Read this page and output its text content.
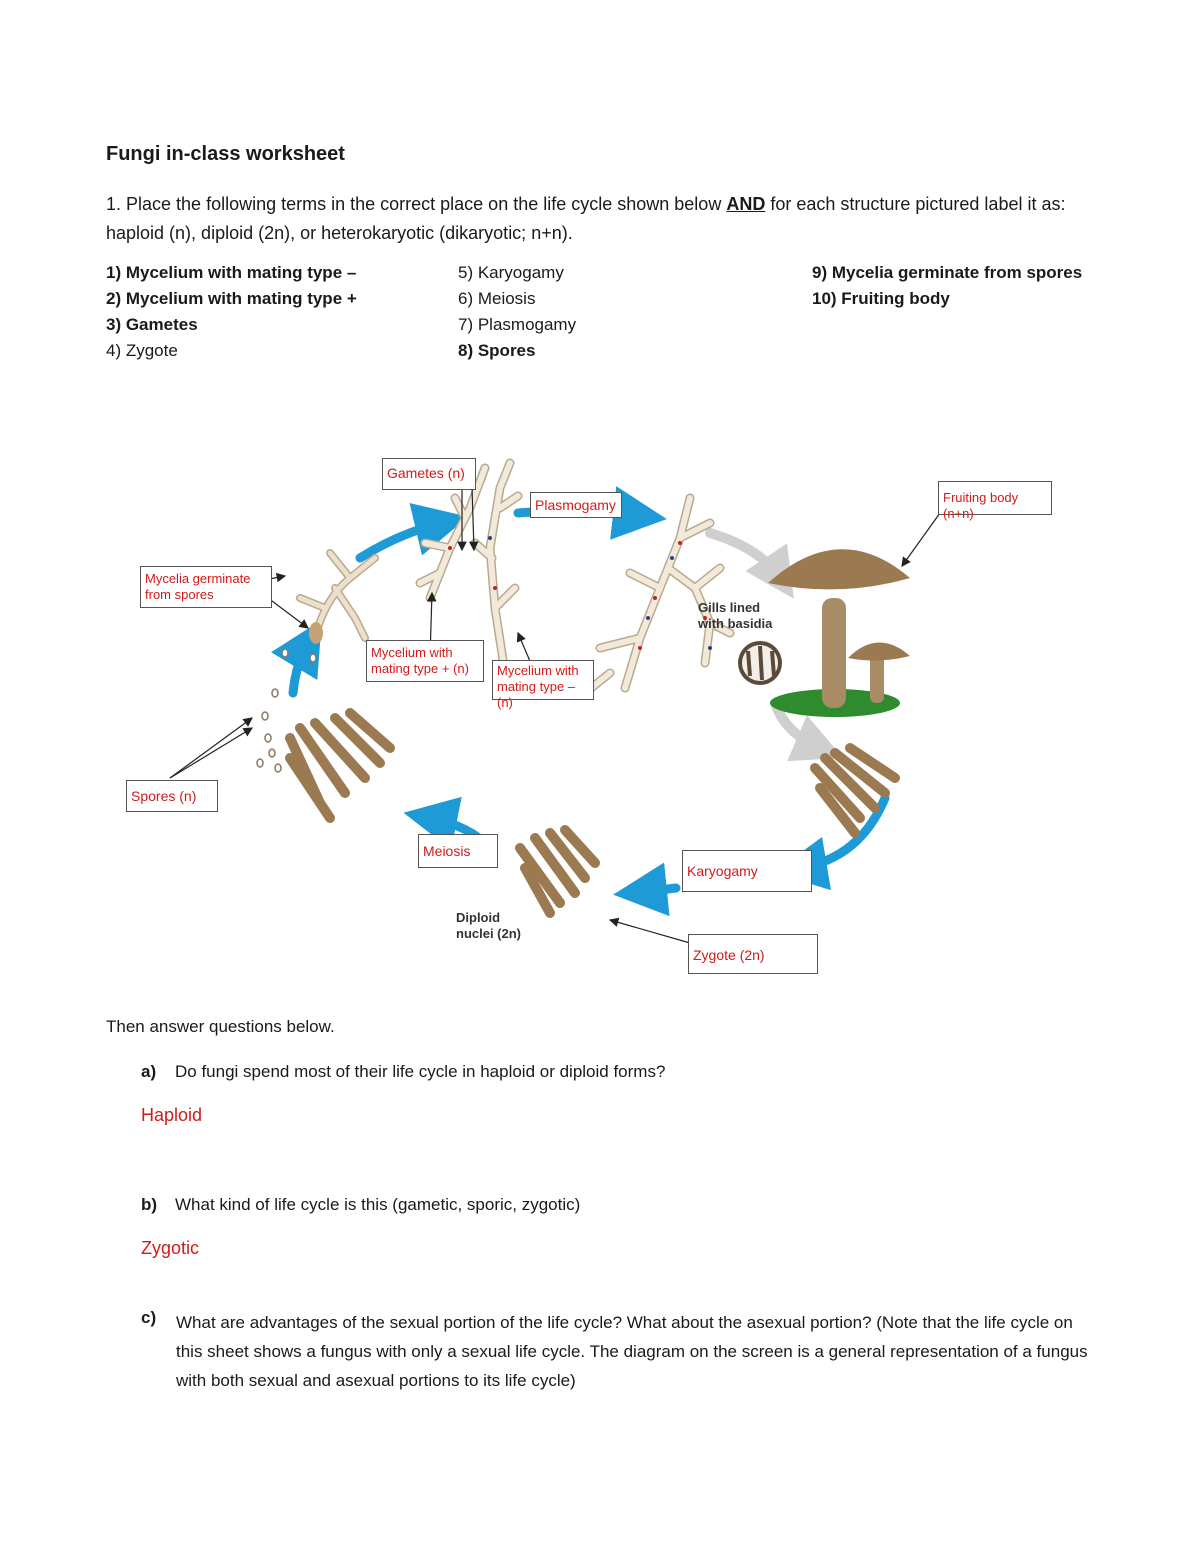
Fungi in-class worksheet
1. Place the following terms in the correct place on the life cycle shown below AND for each structure pictured label it as: haploid (n), diploid (2n), or heterokaryotic (dikaryotic; n+n).
1) Mycelium with mating type –
2) Mycelium with mating type +
3) Gametes
4) Zygote
5) Karyogamy
6) Meiosis
7) Plasmogamy
8) Spores
9) Mycelia germinate from spores
10) Fruiting body
Gametes (n)
Plasmogamy	Fruiting body (n+n)
Mycelia germinate from spores
Mycelium with mating type + (n)	Mycelium with mating type – (n)
Spores (n)
Meiosis
Karyogamy
Zygote (2n)
Gills lined with basidia
Diploid nuclei (2n)
Then answer questions below.
a) Do fungi spend most of their life cycle in haploid or diploid forms?
Haploid
b) What kind of life cycle is this (gametic, sporic, zygotic)
Zygotic
c) What are advantages of the sexual portion of the life cycle? What about the asexual portion? (Note that the life cycle on this sheet shows a fungus with only a sexual life cycle. The diagram on the screen is a general representation of a fungus with both sexual and asexual portions to its life cycle)
